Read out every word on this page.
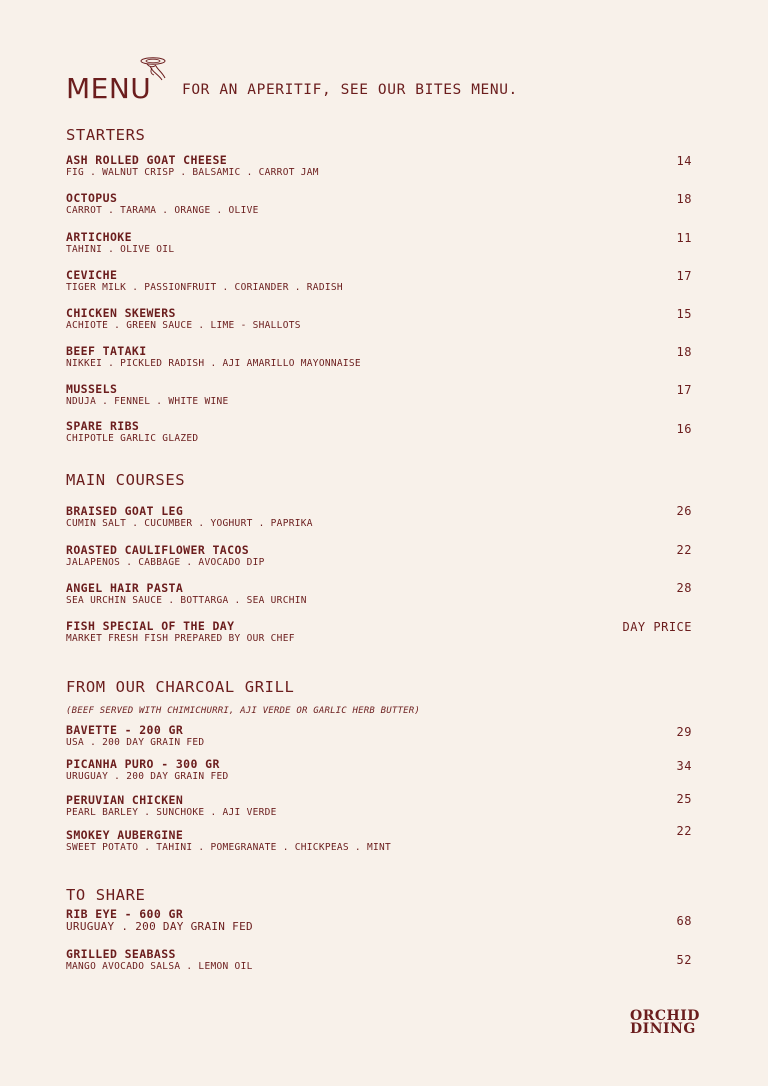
MENU FOR AN APERITIF, SEE OUR BITES MENU.
STARTERS
ASH ROLLED GOAT CHEESE
FIG . WALNUT CRISP . BALSAMIC . CARROT JAM
14
OCTOPUS
CARROT . TARAMA . ORANGE . OLIVE
18
ARTICHOKE
TAHINI . OLIVE OIL
11
CEVICHE
TIGER MILK . PASSIONFRUIT . CORIANDER . RADISH
17
CHICKEN SKEWERS
ACHIOTE . GREEN SAUCE . LIME - SHALLOTS
15
BEEF TATAKI
NIKKEI . PICKLED RADISH . AJI AMARILLO MAYONNAISE
18
MUSSELS
NDUJA . FENNEL . WHITE WINE
17
SPARE RIBS
CHIPOTLE GARLIC GLAZED
16
MAIN COURSES
BRAISED GOAT LEG
CUMIN SALT . CUCUMBER . YOGHURT . PAPRIKA
26
ROASTED CAULIFLOWER TACOS
JALAPENOS . CABBAGE . AVOCADO DIP
22
ANGEL HAIR PASTA
SEA URCHIN SAUCE . BOTTARGA . SEA URCHIN
28
FISH SPECIAL OF THE DAY
MARKET FRESH FISH PREPARED BY OUR CHEF
DAY PRICE
FROM OUR CHARCOAL GRILL
(BEEF SERVED WITH CHIMICHURRI, AJI VERDE OR GARLIC HERB BUTTER)
BAVETTE - 200 GR
USA . 200 DAY GRAIN FED
29
PICANHA PURO - 300 GR
URUGUAY . 200 DAY GRAIN FED
34
PERUVIAN CHICKEN
PEARL BARLEY . SUNCHOKE . AJI VERDE
25
SMOKEY AUBERGINE
SWEET POTATO . TAHINI . POMEGRANATE . CHICKPEAS . MINT
22
TO SHARE
RIB EYE - 600 GR
URUGUAY . 200 DAY GRAIN FED	68
GRILLED SEABASS
MANGO AVOCADO SALSA . LEMON OIL	52
ORCHID
DINING
